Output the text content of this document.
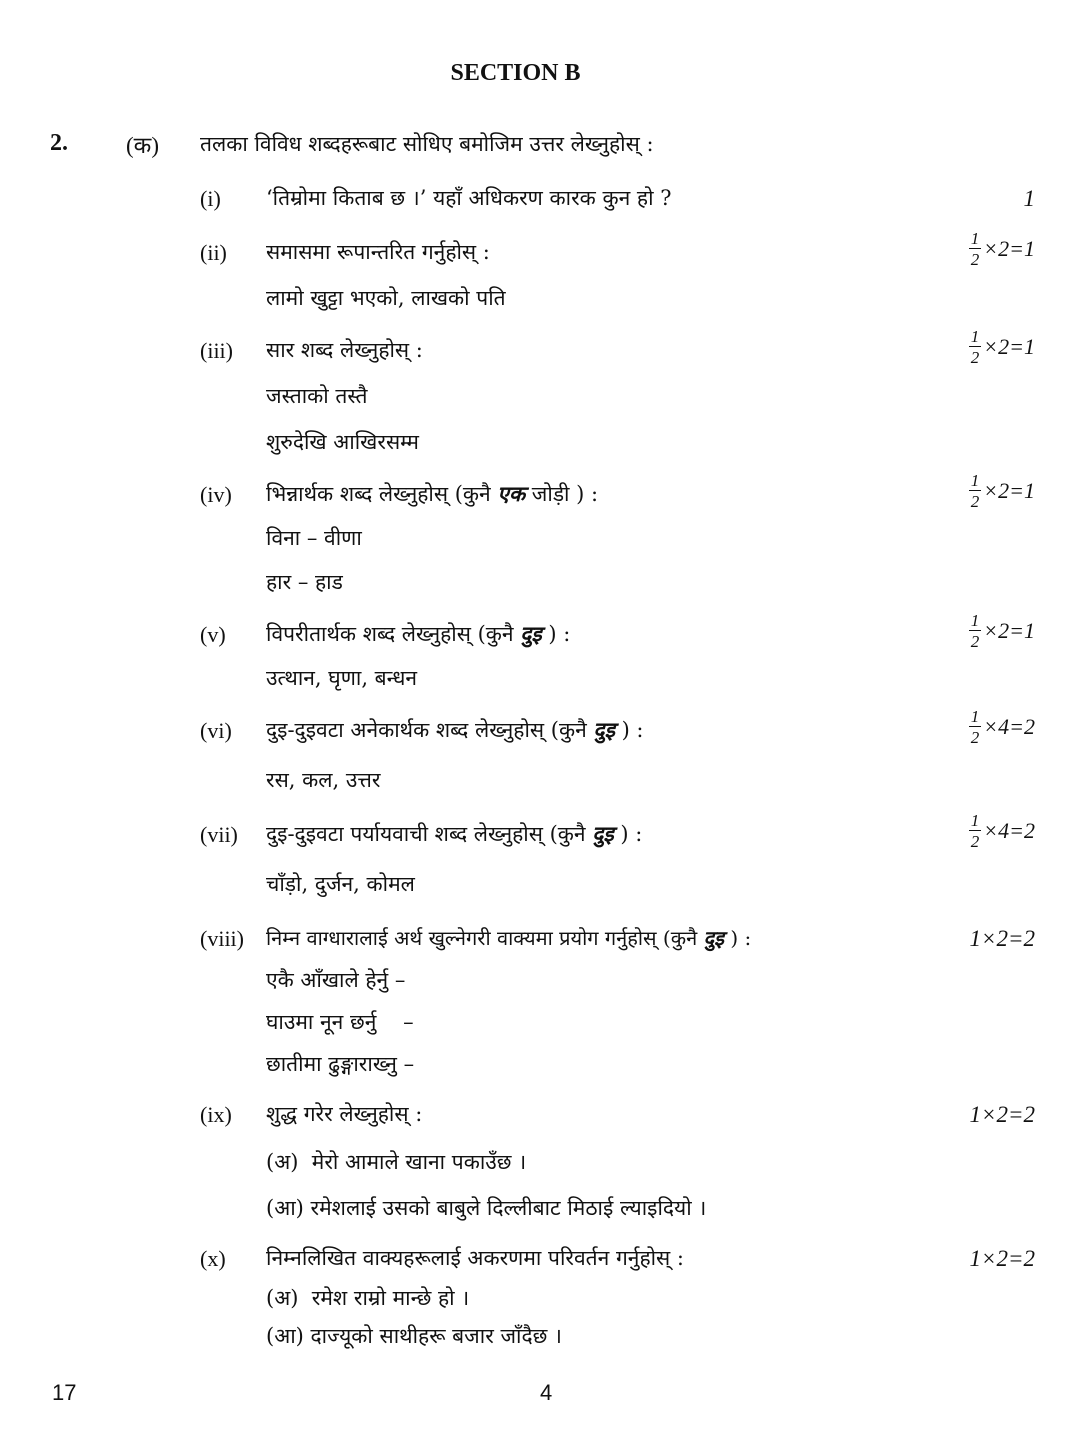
SECTION B
2.	(क) तलका विविध शब्दहरूबाट सोधिए बमोजिम उत्तर लेख्नुहोस् :
(i) ‘तिम्रोमा किताब छ ।’ यहाँ अधिकरण कारक कुन हो ?	1
(ii) समासमा रूपान्तरित गर्नुहोस् :
लामो खुट्टा भएको, लाखको पति
$\frac{1}{2} \times 2=1$
(iii) सार शब्द लेख्नुहोस् :
जस्ताको तस्तै
शुरुदेखि आखिरसम्म
$\frac{1}{2} \times 2=1$
(iv) भिन्नार्थक शब्द लेख्नुहोस् (कुनै एक जोड़ी ) :
विना – वीणा
हार – हाड
$\frac{1}{2} \times 2=1$
(v) विपरीतार्थक शब्द लेख्नुहोस् (कुनै दुइ ) :
उत्थान, घृणा, बन्धन
$\frac{1}{2} \times 2=1$
(vi) दुइ-दुइवटा अनेकार्थक शब्द लेख्नुहोस् (कुनै दुइ ) :
रस, कल, उत्तर
$\frac{1}{2} \times 4=2$
(vii) दुइ-दुइवटा पर्यायवाची शब्द लेख्नुहोस् (कुनै दुइ ) :
चाँड़ो, दुर्जन, कोमल
$\frac{1}{2} \times 4=2$
(viii) निम्न वाग्धारालाई अर्थ खुल्नेगरी वाक्यमा प्रयोग गर्नुहोस् (कुनै दुइ ) :
एकै आँखाले हेर्नु –
घाउमा नून छर्नु    –
छातीमा ढुङ्गाराख्नु –
1×2=2
(ix) शुद्ध गरेर लेख्नुहोस् :
(अ)  मेरो आमाले खाना पकाउँछ ।
(आ) रमेशलाई उसको बाबुले दिल्लीबाट मिठाई ल्याइदियो ।
1×2=2
(x) निम्नलिखित वाक्यहरूलाई अकरणमा परिवर्तन गर्नुहोस् :
(अ)  रमेश राम्रो मान्छे हो ।
(आ) दाज्यूको साथीहरू बजार जाँदैछ ।
1×2=2
17	4
